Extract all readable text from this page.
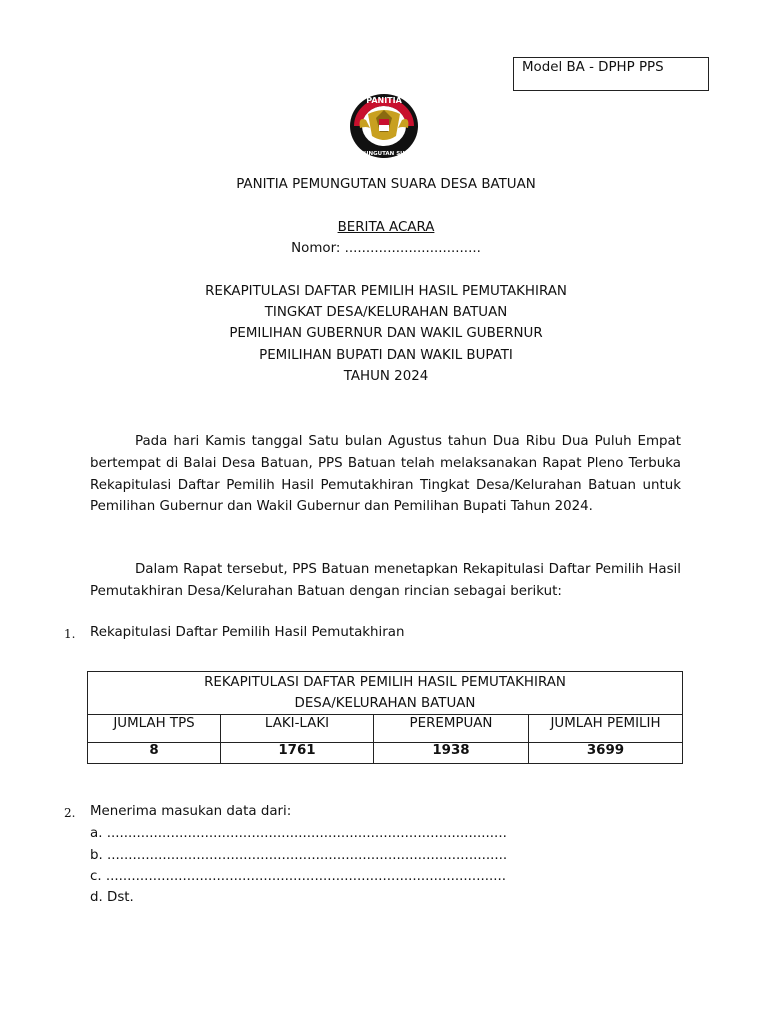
Model BA - DPHP PPS
PANITIA
PEMUNGUTAN SUARA
PANITIA PEMUNGUTAN SUARA DESA BATUAN
BERITA ACARA
Nomor: ................................
REKAPITULASI DAFTAR PEMILIH HASIL PEMUTAKHIRAN
TINGKAT DESA/KELURAHAN BATUAN
PEMILIHAN GUBERNUR DAN WAKIL GUBERNUR
PEMILIHAN BUPATI DAN WAKIL BUPATI
TAHUN 2024
Pada hari Kamis tanggal Satu bulan Agustus tahun Dua Ribu Dua Puluh Empat bertempat di Balai Desa Batuan, PPS Batuan telah melaksanakan Rapat Pleno Terbuka Rekapitulasi Daftar Pemilih Hasil Pemutakhiran Tingkat Desa/Kelurahan Batuan untuk Pemilihan Gubernur dan Wakil Gubernur dan Pemilihan Bupati Tahun 2024.
Dalam Rapat tersebut, PPS Batuan menetapkan Rekapitulasi Daftar Pemilih Hasil Pemutakhiran Desa/Kelurahan Batuan dengan rincian sebagai berikut:
1. Rekapitulasi Daftar Pemilih Hasil Pemutakhiran
REKAPITULASI DAFTAR PEMILIH HASIL PEMUTAKHIRAN
DESA/KELURAHAN BATUAN			

JUMLAH TPS	LAKI-LAKI	PEREMPUAN	JUMLAH PEMILIH
8	1761	1938	3699
2. Menerima masukan data dari:
a. ..............................................................................................
b. ..............................................................................................
c. ..............................................................................................
d. Dst.
